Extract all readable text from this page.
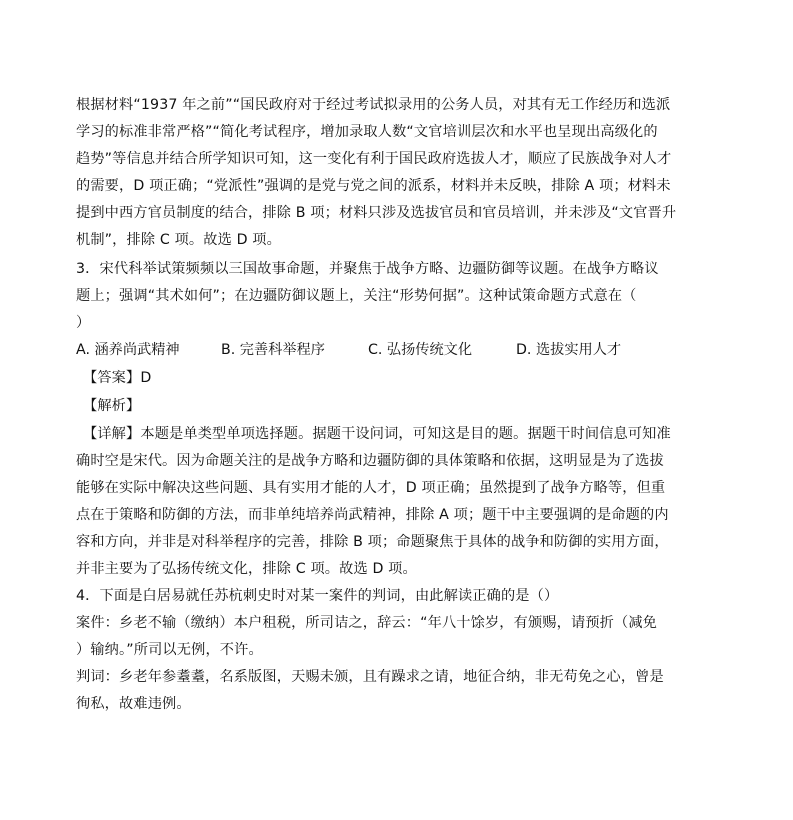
根据材料“1937 年之前”“国民政府对于经过考试拟录用的公务人员，对其有无工作经历和选派
学习的标准非常严格”“简化考试程序，增加录取人数“文官培训层次和水平也呈现出高级化的
趋势”等信息并结合所学知识可知，这一变化有利于国民政府选拔人才，顺应了民族战争对人才
的需要，D 项正确；“党派性”强调的是党与党之间的派系，材料并未反映，排除 A 项；材料未
提到中西方官员制度的结合，排除 B 项；材料只涉及选拔官员和官员培训，并未涉及“文官晋升
机制”，排除 C 项。故选 D 项。
3．宋代科举试策频频以三国故事命题，并聚焦于战争方略、边疆防御等议题。在战争方略议
题上；强调“其术如何”；在边疆防御议题上，关注“形势何据”。这种试策命题方式意在（
）
A. 涵养尚武精神	B. 完善科举程序	C. 弘扬传统文化	D. 选拔实用人才
【答案】D
【解析】
【详解】本题是单类型单项选择题。据题干设问词，可知这是目的题。据题干时间信息可知准
确时空是宋代。因为命题关注的是战争方略和边疆防御的具体策略和依据，这明显是为了选拔
能够在实际中解决这些问题、具有实用才能的人才，D 项正确；虽然提到了战争方略等，但重
点在于策略和防御的方法，而非单纯培养尚武精神，排除 A 项；题干中主要强调的是命题的内
容和方向，并非是对科举程序的完善，排除 B 项；命题聚焦于具体的战争和防御的实用方面，
并非主要为了弘扬传统文化，排除 C 项。故选 D 项。
4．下面是白居易就任苏杭刺史时对某一案件的判词，由此解读正确的是（）
案件：乡老不输（缴纳）本户租税，所司诘之，辞云：“年八十馀岁，有颁赐，请预折（减免
）输纳。”所司以无例，不许。
判词：乡老年参耋耋，名系版图，天赐未颁，且有躁求之请，地征合纳，非无苟免之心，曾是
徇私，故难违例。
